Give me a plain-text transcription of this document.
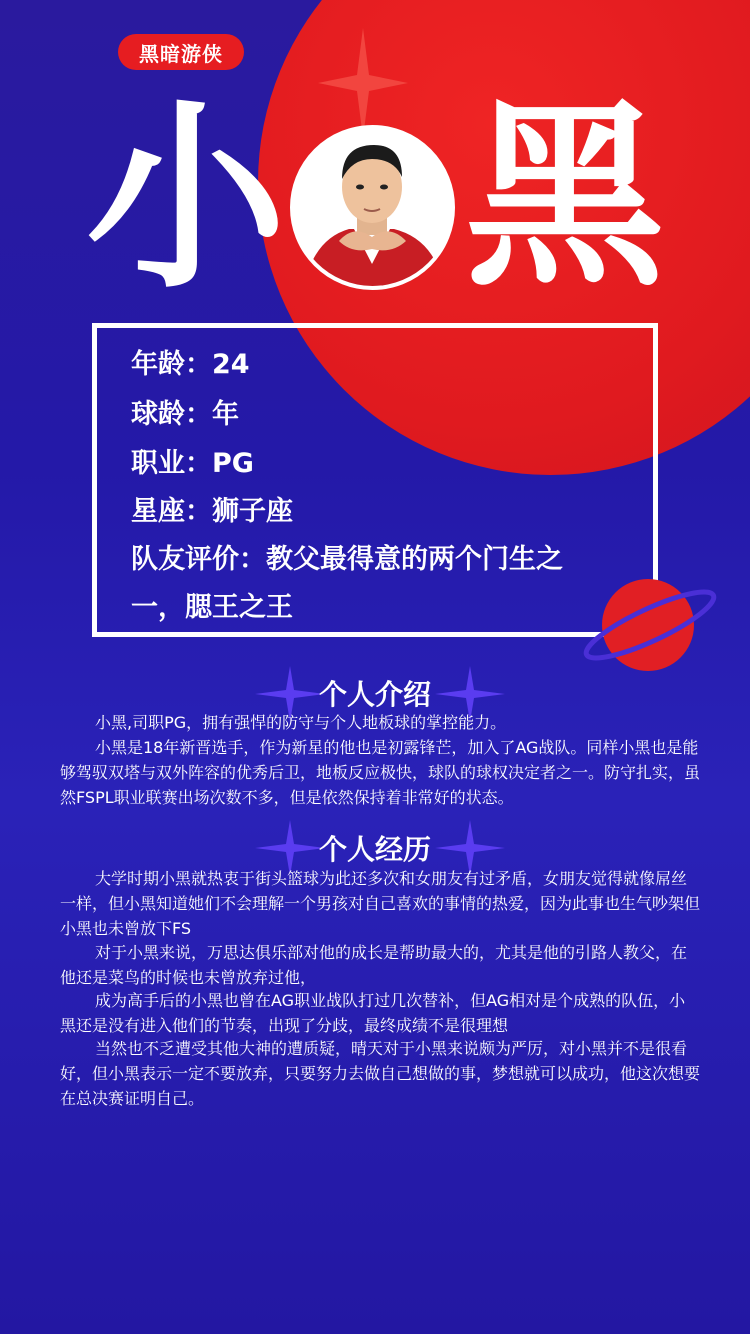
黑暗游侠
小 黑
年龄：24
球龄：年
职业：PG
星座：狮子座
队友评价：教父最得意的两个门生之
一，腮王之王
个人介绍

小黑,司职PG，拥有强悍的防守与个人地板球的掌控能力。

小黑是18年新晋选手，作为新星的他也是初露锋芒，加入了AG战队。同样小黑也是能够驾驭双塔与双外阵容的优秀后卫，地板反应极快，球队的球权决定者之一。防守扎实，虽然FSPL职业联赛出场次数不多，但是依然保持着非常好的状态。

个人经历

大学时期小黑就热衷于街头篮球为此还多次和女朋友有过矛盾，女朋友觉得就像屌丝一样，但小黑知道她们不会理解一个男孩对自己喜欢的事情的热爱，因为此事也生气吵架但小黑也未曾放下FS

对于小黑来说，万思达俱乐部对他的成长是帮助最大的，尤其是他的引路人教父，在他还是菜鸟的时候也未曾放弃过他，

成为高手后的小黑也曾在AG职业战队打过几次替补，但AG相对是个成熟的队伍，小黑还是没有进入他们的节奏，出现了分歧，最终成绩不是很理想

当然也不乏遭受其他大神的遭质疑，晴天对于小黑来说颇为严厉，对小黑并不是很看好，但小黑表示一定不要放弃，只要努力去做自己想做的事，梦想就可以成功，他这次想要在总决赛证明自己。
